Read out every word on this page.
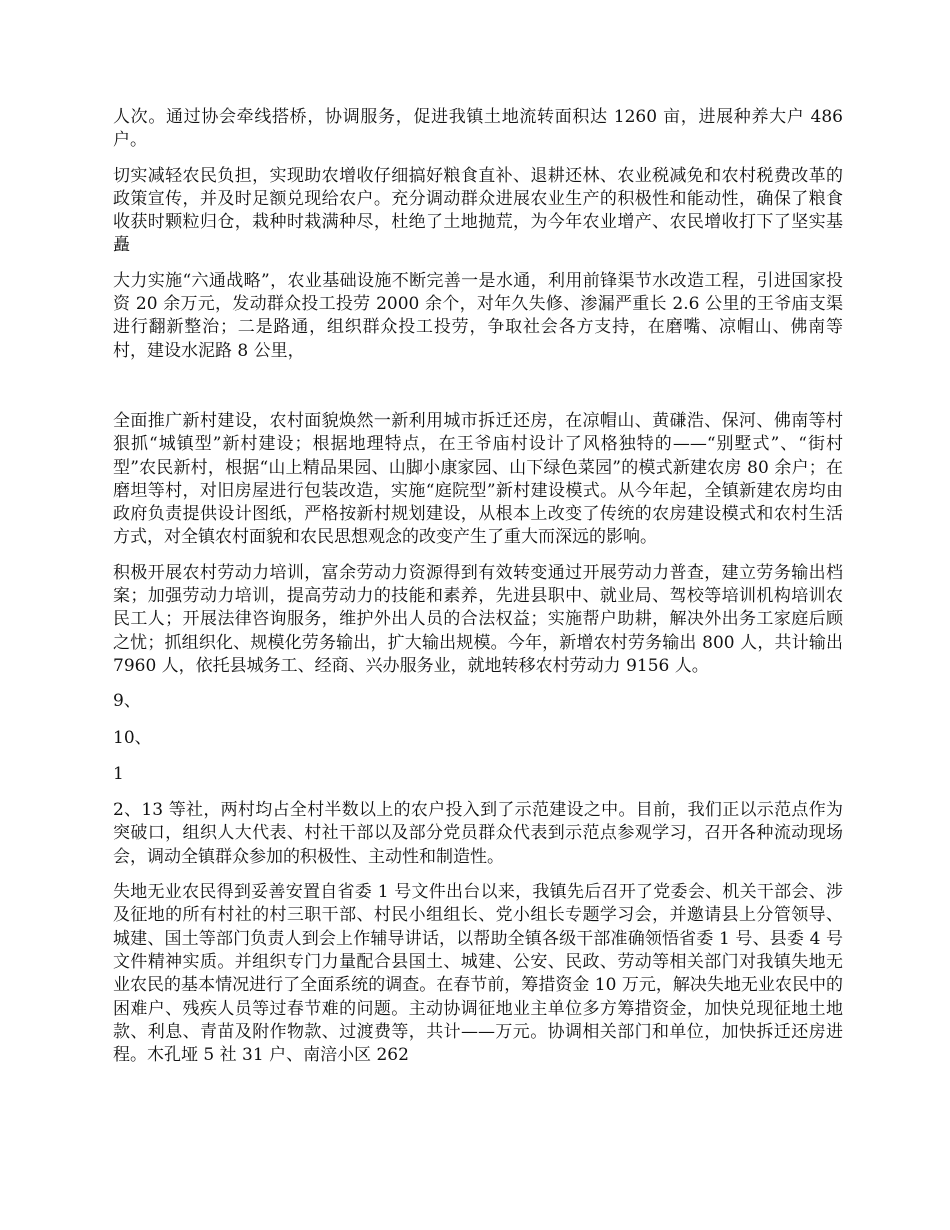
人次。通过协会牵线搭桥，协调服务，促进我镇土地流转面积达 1260 亩，进展种养大户 486 户。

切实减轻农民负担，实现助农增收仔细搞好粮食直补、退耕还林、农业税减免和农村税费改革的政策宣传，并及时足额兑现给农户。充分调动群众进展农业生产的积极性和能动性，确保了粮食收获时颗粒归仓，栽种时栽满种尽，杜绝了土地抛荒，为今年农业增产、农民增收打下了坚实基矗

大力实施“六通战略”，农业基础设施不断完善一是水通，利用前锋渠节水改造工程，引进国家投资 20 余万元，发动群众投工投劳 2000 余个，对年久失修、渗漏严重长 2.6 公里的王爷庙支渠进行翻新整治；二是路通，组织群众投工投劳，争取社会各方支持，在磨嘴、凉帽山、佛南等村，建设水泥路 8 公里，

全面推广新村建设，农村面貌焕然一新利用城市拆迁还房，在凉帽山、黄磏浩、保河、佛南等村狠抓“城镇型”新村建设；根据地理特点，在王爷庙村设计了风格独特的——“别墅式”、“街村型”农民新村，根据“山上精品果园、山脚小康家园、山下绿色菜园”的模式新建农房 80 余户；在磨坦等村，对旧房屋进行包装改造，实施“庭院型”新村建设模式。从今年起，全镇新建农房均由政府负责提供设计图纸，严格按新村规划建设，从根本上改变了传统的农房建设模式和农村生活方式，对全镇农村面貌和农民思想观念的改变产生了重大而深远的影响。

积极开展农村劳动力培训，富余劳动力资源得到有效转变通过开展劳动力普查，建立劳务输出档案；加强劳动力培训，提高劳动力的技能和素养，先进县职中、就业局、驾校等培训机构培训农民工人；开展法律咨询服务，维护外出人员的合法权益；实施帮户助耕，解决外出务工家庭后顾之忧；抓组织化、规模化劳务输出，扩大输出规模。今年，新增农村劳务输出 800 人，共计输出 7960 人，依托县城务工、经商、兴办服务业，就地转移农村劳动力 9156 人。

9、

10、

1

2、13 等社，两村均占全村半数以上的农户投入到了示范建设之中。目前，我们正以示范点作为突破口，组织人大代表、村社干部以及部分党员群众代表到示范点参观学习，召开各种流动现场会，调动全镇群众参加的积极性、主动性和制造性。

失地无业农民得到妥善安置自省委 1 号文件出台以来，我镇先后召开了党委会、机关干部会、涉及征地的所有村社的村三职干部、村民小组组长、党小组长专题学习会，并邀请县上分管领导、城建、国土等部门负责人到会上作辅导讲话，以帮助全镇各级干部准确领悟省委 1 号、县委 4 号文件精神实质。并组织专门力量配合县国土、城建、公安、民政、劳动等相关部门对我镇失地无业农民的基本情况进行了全面系统的调查。在春节前，筹措资金 10 万元，解决失地无业农民中的困难户、残疾人员等过春节难的问题。主动协调征地业主单位多方筹措资金，加快兑现征地土地款、利息、青苗及附作物款、过渡费等，共计——万元。协调相关部门和单位，加快拆迁还房进程。木孔垭 5 社 31 户、南涪小区 262
